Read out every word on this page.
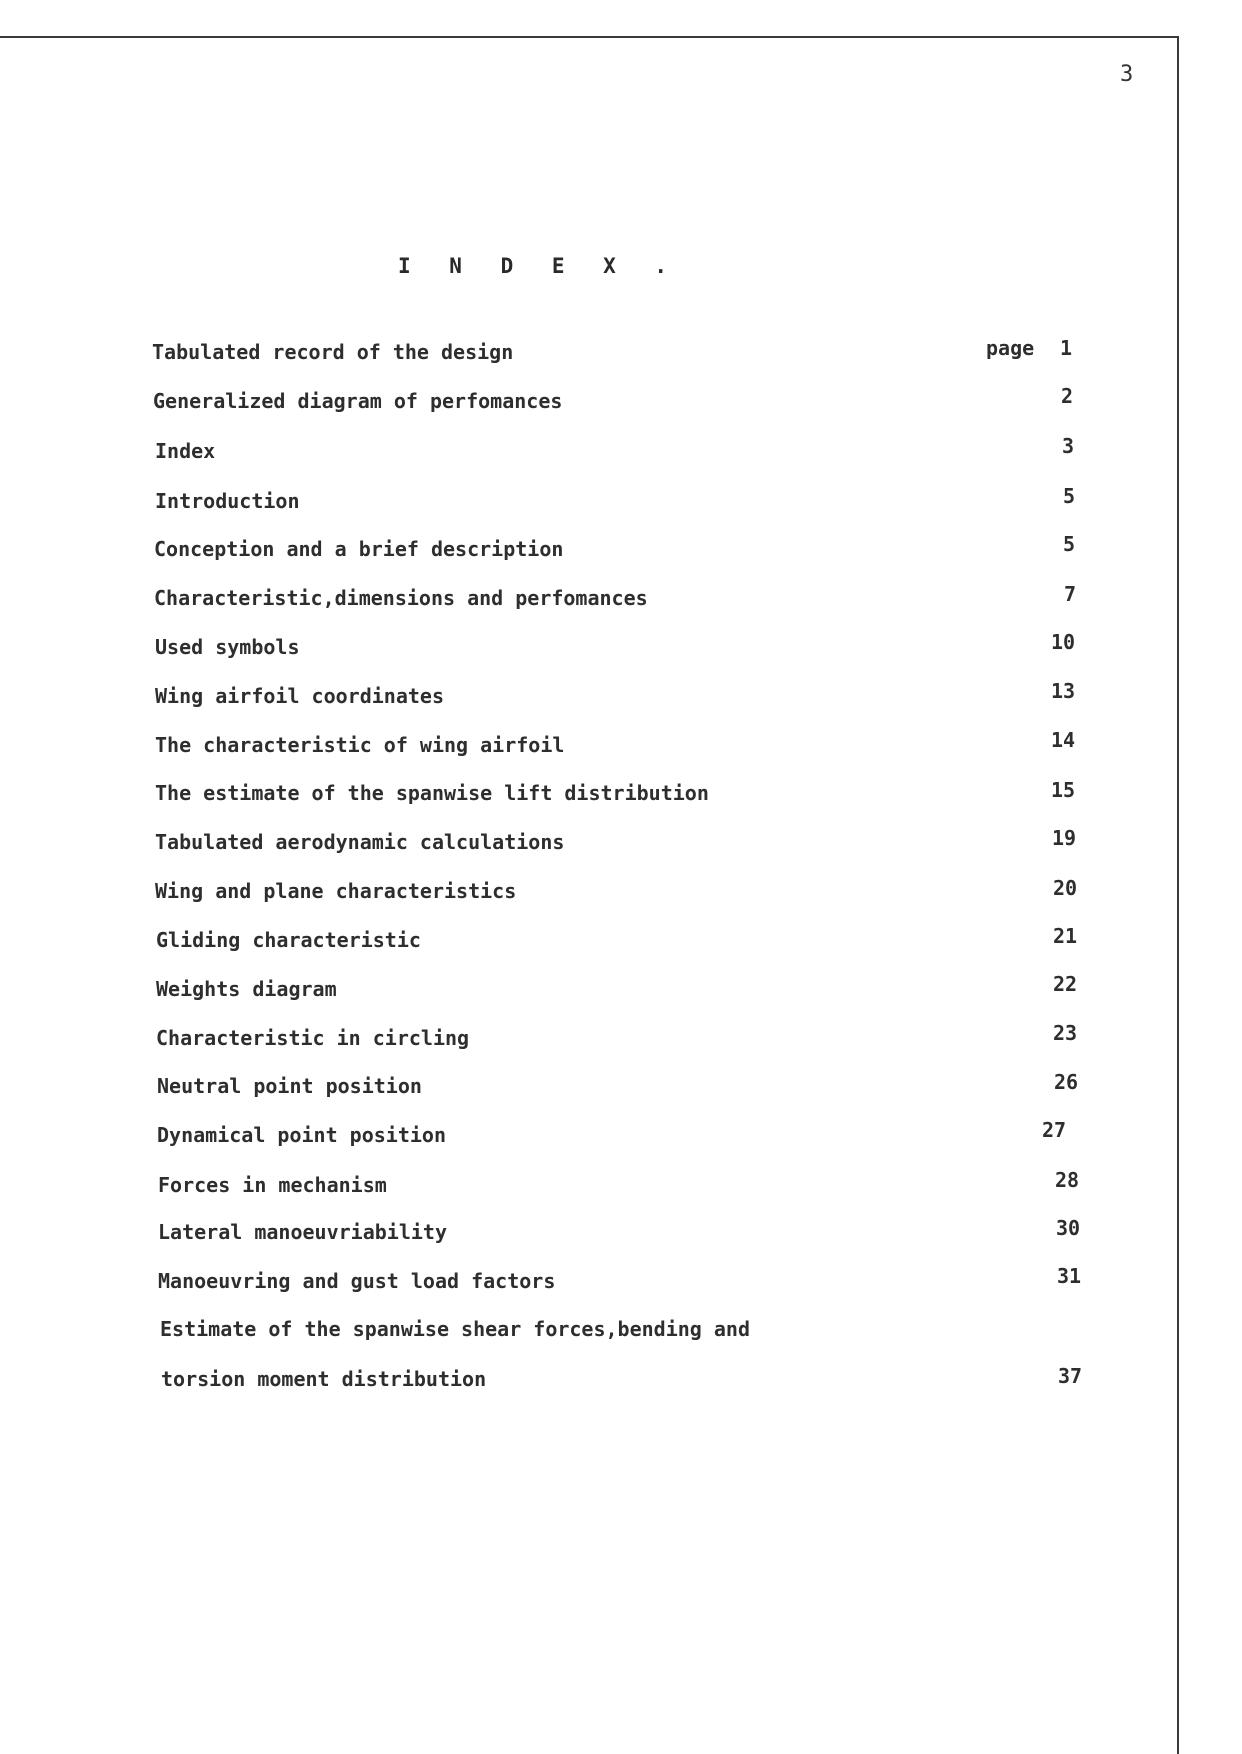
3
I N D E X .
page
Tabulated record of the design	1
Generalized diagram of perfomances	2
Index	3
Introduction	5
Conception and a brief description	5
Characteristic,dimensions and perfomances	7
Used symbols	10
Wing airfoil coordinates	13
The characteristic of wing airfoil	14
The estimate of the spanwise lift distribution	15
Tabulated aerodynamic calculations	19
Wing and plane characteristics	20
Gliding characteristic	21
Weights diagram	22
Characteristic in circling	23
Neutral point position	26
Dynamical point position	27
Forces in mechanism	28
Lateral manoeuvriability	30
Manoeuvring and gust load factors	31
Estimate of the spanwise shear forces,bending and
torsion moment distribution	37
